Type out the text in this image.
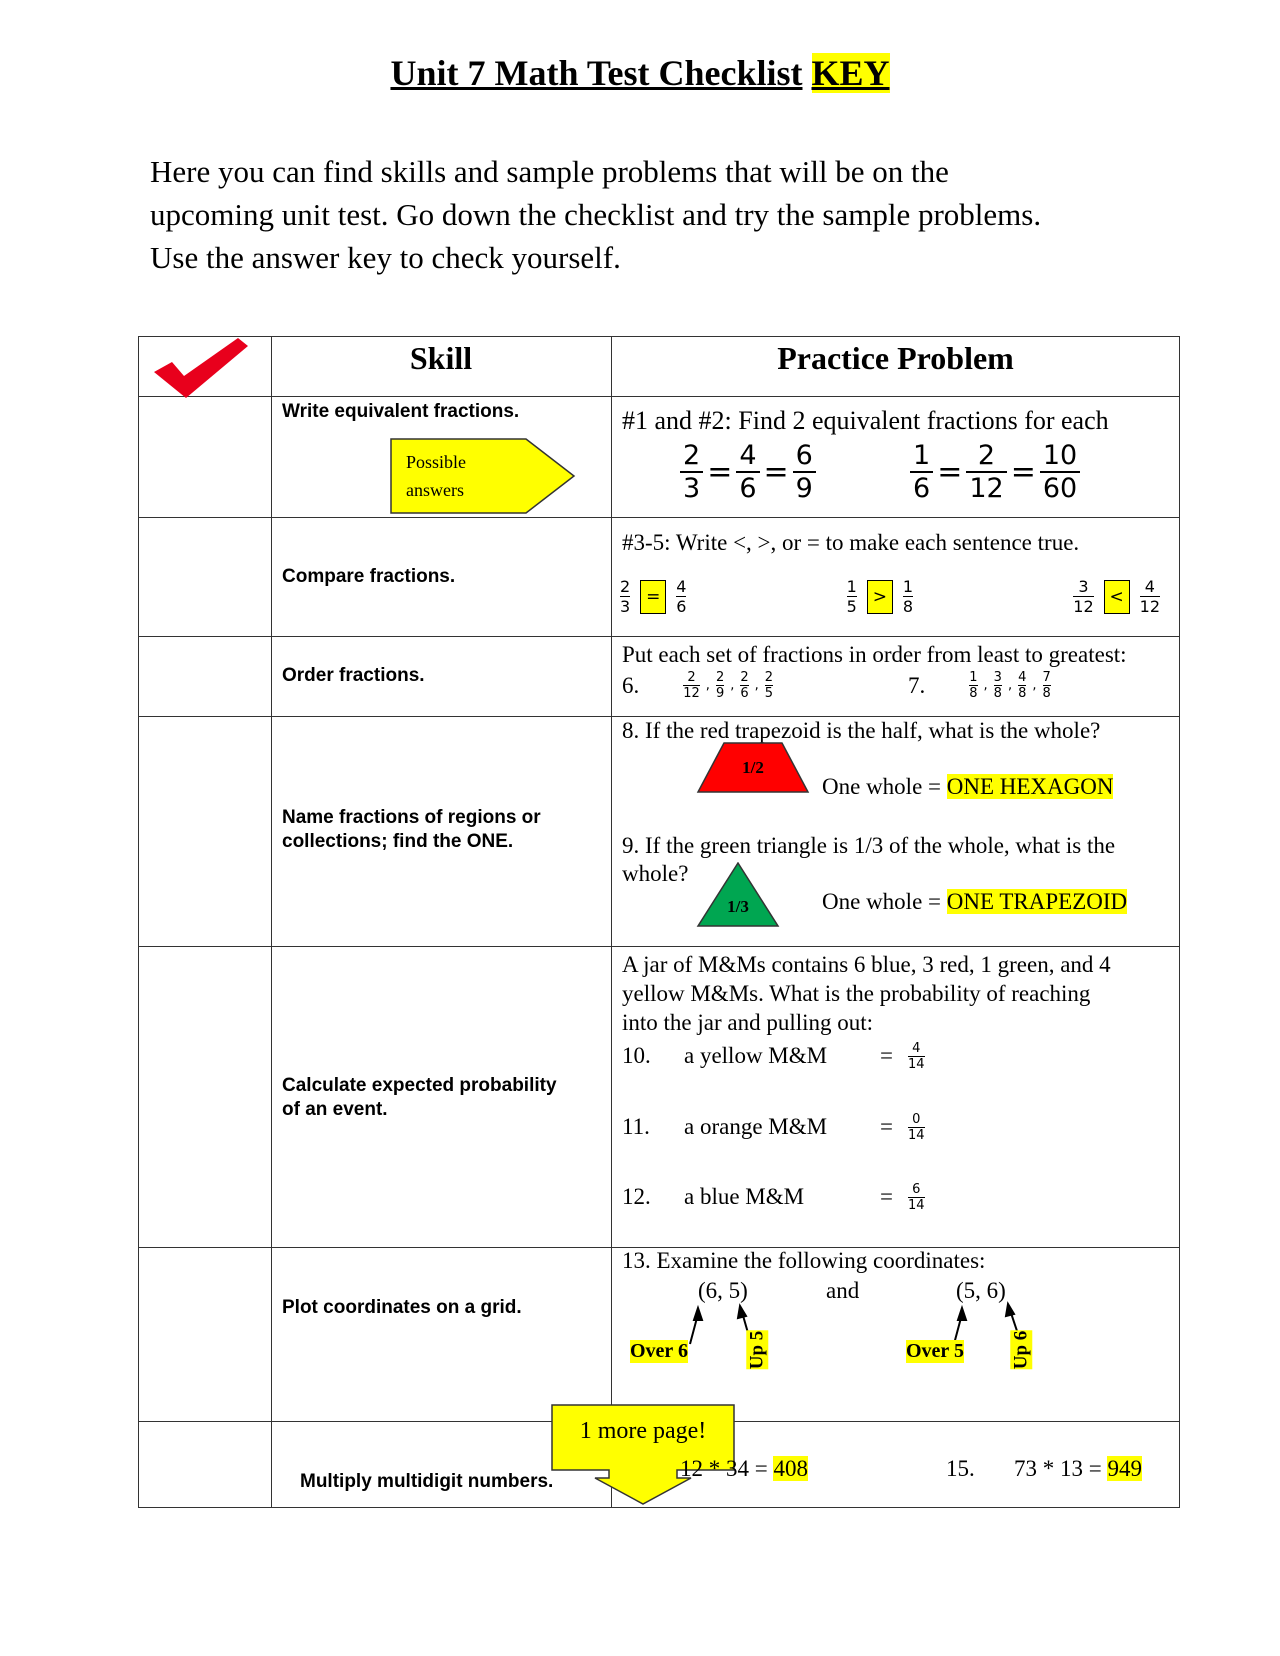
Unit 7 Math Test Checklist KEY
Here you can find skills and sample problems that will be on the
upcoming unit test. Go down the checklist and try the sample problems.
Use the answer key to check yourself.
Skill	Practice Problem
Write equivalent fractions.
Possible
answers
#1 and #2: Find 2 equivalent fractions for each
$\frac{2}{3} = \frac{4}{6} = \frac{6}{9}$	$\frac{1}{6} = \frac{2}{12} = \frac{10}{60}$
Compare fractions.
#3-5: Write <, >, or = to make each sentence true.
$\frac{2}{3} = \frac{4}{6}$	$\frac{1}{5} > \frac{1}{8}$	$\frac{3}{12} < \frac{4}{12}$
Order fractions.
Put each set of fractions in order from least to greatest:
6.	$\frac{2}{12}$ , $\frac{2}{9}$ , $\frac{2}{6}$ , $\frac{2}{5}$	7.	$\frac{1}{8}$ , $\frac{3}{8}$ , $\frac{4}{8}$ , $\frac{7}{8}$
Name fractions of regions or
collections; find the ONE.
8. If the red trapezoid is the half, what is the whole?
1/2
One whole = ONE HEXAGON
9. If the green triangle is 1/3 of the whole, what is the
whole?
1/3	One whole = ONE TRAPEZOID
Calculate expected probability
of an event.
A jar of M&Ms contains 6 blue, 3 red, 1 green, and 4
yellow M&Ms. What is the probability of reaching
into the jar and pulling out:
10.	a yellow M&M	=	$\frac{4}{14}$
11.	a orange M&M	=	$\frac{0}{14}$
12.	a blue M&M	=	$\frac{6}{14}$
Plot coordinates on a grid.
13. Examine the following coordinates:
(6, 5)	and	(5, 6)
Over 6	Up 5	Over 5 Up 6
Multiply multidigit numbers.
1 more page!
12 * 34 = 408	15. 73 * 13 = 949
